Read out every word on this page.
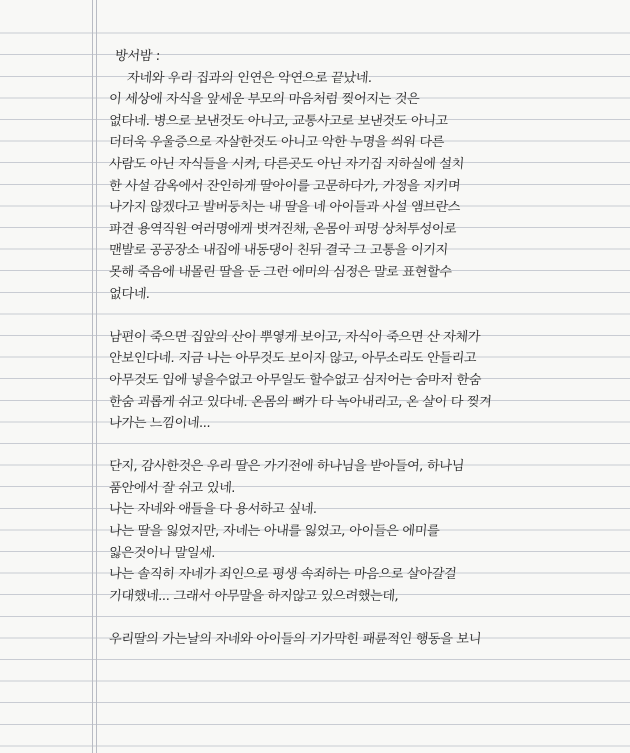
방서밤 :
자네와 우리 집과의 인연은 악연으로 끝났네.
이 세상에 자식을 앞세운 부모의 마음처럼 찢어지는 것은
없다네. 병으로 보낸것도 아니고, 교통사고로 보낸것도 아니고
더더욱 우울증으로 자살한것도 아니고 악한 누명을 씌워 다른
사람도 아닌 자식들을 시켜, 다른곳도 아닌 자기집 지하실에 설치
한 사설 감옥에서 잔인하게 딸아이를 고문하다가, 가정을 지키며
나가지 않겠다고 발버둥치는 내 딸을 네 아이들과 사설 앰브란스
파견 용역직원 여러명에게 벗겨진채, 온몸이 피멍 상처투성이로
맨발로 공공장소 내집에 내동댕이 친뒤 결국 그 고통을 이기지
못해 죽음에 내몰린 딸을 둔 그런 에미의 심정은 말로 표현할수
없다네.
남편이 죽으면 집앞의 산이 뿌옇게 보이고, 자식이 죽으면 산 자체가
안보인다네. 지금 나는 아무것도 보이지 않고, 아무소리도 안들리고
아무것도 입에 넣을수없고 아무일도 할수없고 심지어는 숨마저 한숨
한숨 괴롭게 쉬고 있다네. 온몸의 뼈가 다 녹아내리고, 온 살이 다 찢겨
나가는 느낌이네...
단지, 감사한것은 우리 딸은 가기전에 하나님을 받아들여, 하나님
품안에서 잘 쉬고 있네.
나는 자네와 애들을 다 용서하고 싶네.
나는 딸을 잃었지만, 자네는 아내를 잃었고, 아이들은 에미를
잃은것이니 말일세.
나는 솔직히 자네가 죄인으로 평생 속죄하는 마음으로 살아갈걸
기대했네... 그래서 아무말을 하지않고 있으려했는데,
우리딸의 가는날의 자네와 아이들의 기가막힌 패륜적인 행동을 보니
